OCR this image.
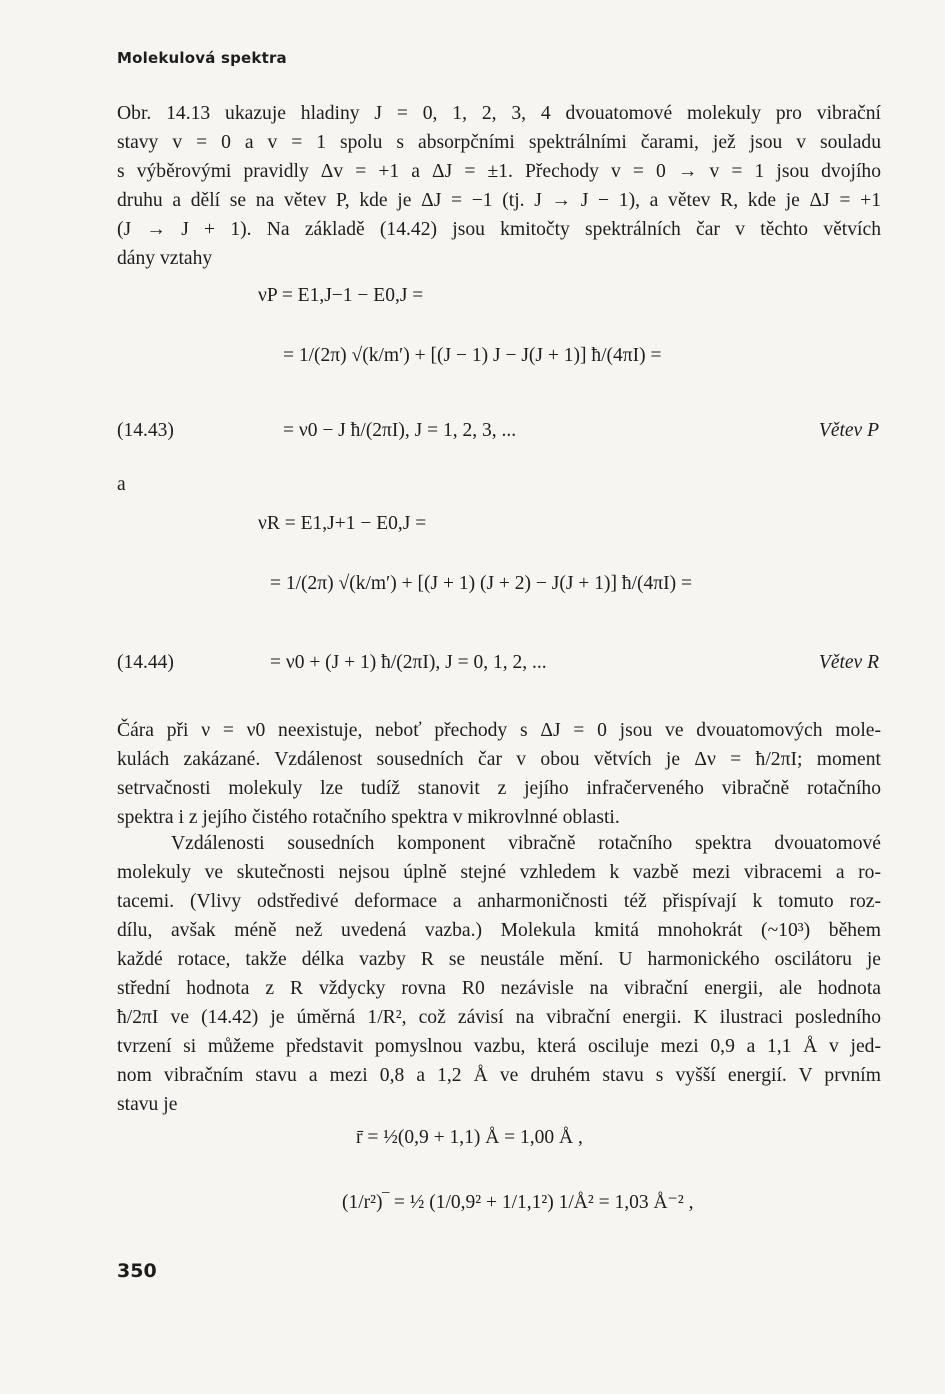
Molekulová spektra
Obr. 14.13 ukazuje hladiny J = 0, 1, 2, 3, 4 dvouatomové molekuly pro vibrační
stavy v = 0 a v = 1 spolu s absorpčními spektrálními čarami, jež jsou v souladu
s výběrovými pravidly Δv = +1 a ΔJ = ±1. Přechody v = 0 → v = 1 jsou dvojího
druhu a dělí se na větev P, kde je ΔJ = −1 (tj. J → J − 1), a větev R, kde je ΔJ = +1
(J → J + 1). Na základě (14.42) jsou kmitočty spektrálních čar v těchto větvích
dány vztahy
νP = E1,J−1 − E0,J =
= 1/(2π) √(k/m′) + [(J − 1) J − J(J + 1)] ħ/(4πI) =
= ν0 − J ħ/(2πI), J = 1, 2, 3, ...
(14.43)	Větev P
a
νR = E1,J+1 − E0,J =
= 1/(2π) √(k/m′) + [(J + 1) (J + 2) − J(J + 1)] ħ/(4πI) =
= ν0 + (J + 1) ħ/(2πI), J = 0, 1, 2, ...
(14.44)	Větev R
Čára při ν = ν0 neexistuje, neboť přechody s ΔJ = 0 jsou ve dvouatomových mole-
kulách zakázané. Vzdálenost sousedních čar v obou větvích je Δν = ħ/2πI; moment
setrvačnosti molekuly lze tudíž stanovit z jejího infračerveného vibračně rotačního
spektra i z jejího čistého rotačního spektra v mikrovlnné oblasti.
Vzdálenosti sousedních komponent vibračně rotačního spektra dvouatomové
molekuly ve skutečnosti nejsou úplně stejné vzhledem k vazbě mezi vibracemi a ro-
tacemi. (Vlivy odstředivé deformace a anharmoničnosti též přispívají k tomuto roz-
dílu, avšak méně než uvedená vazba.) Molekula kmitá mnohokrát (~10³) během
každé rotace, takže délka vazby R se neustále mění. U harmonického oscilátoru je
střední hodnota z R vždycky rovna R0 nezávisle na vibrační energii, ale hodnota
ħ/2πI ve (14.42) je úměrná 1/R², což závisí na vibrační energii. K ilustraci posledního
tvrzení si můžeme představit pomyslnou vazbu, která osciluje mezi 0,9 a 1,1 Å v jed-
nom vibračním stavu a mezi 0,8 a 1,2 Å ve druhém stavu s vyšší energií. V prvním
stavu je
r̄ = ½(0,9 + 1,1) Å = 1,00 Å ,
(1/r²)‾ = ½ (1/0,9² + 1/1,1²) 1/Å² = 1,03 Å⁻² ,
350
